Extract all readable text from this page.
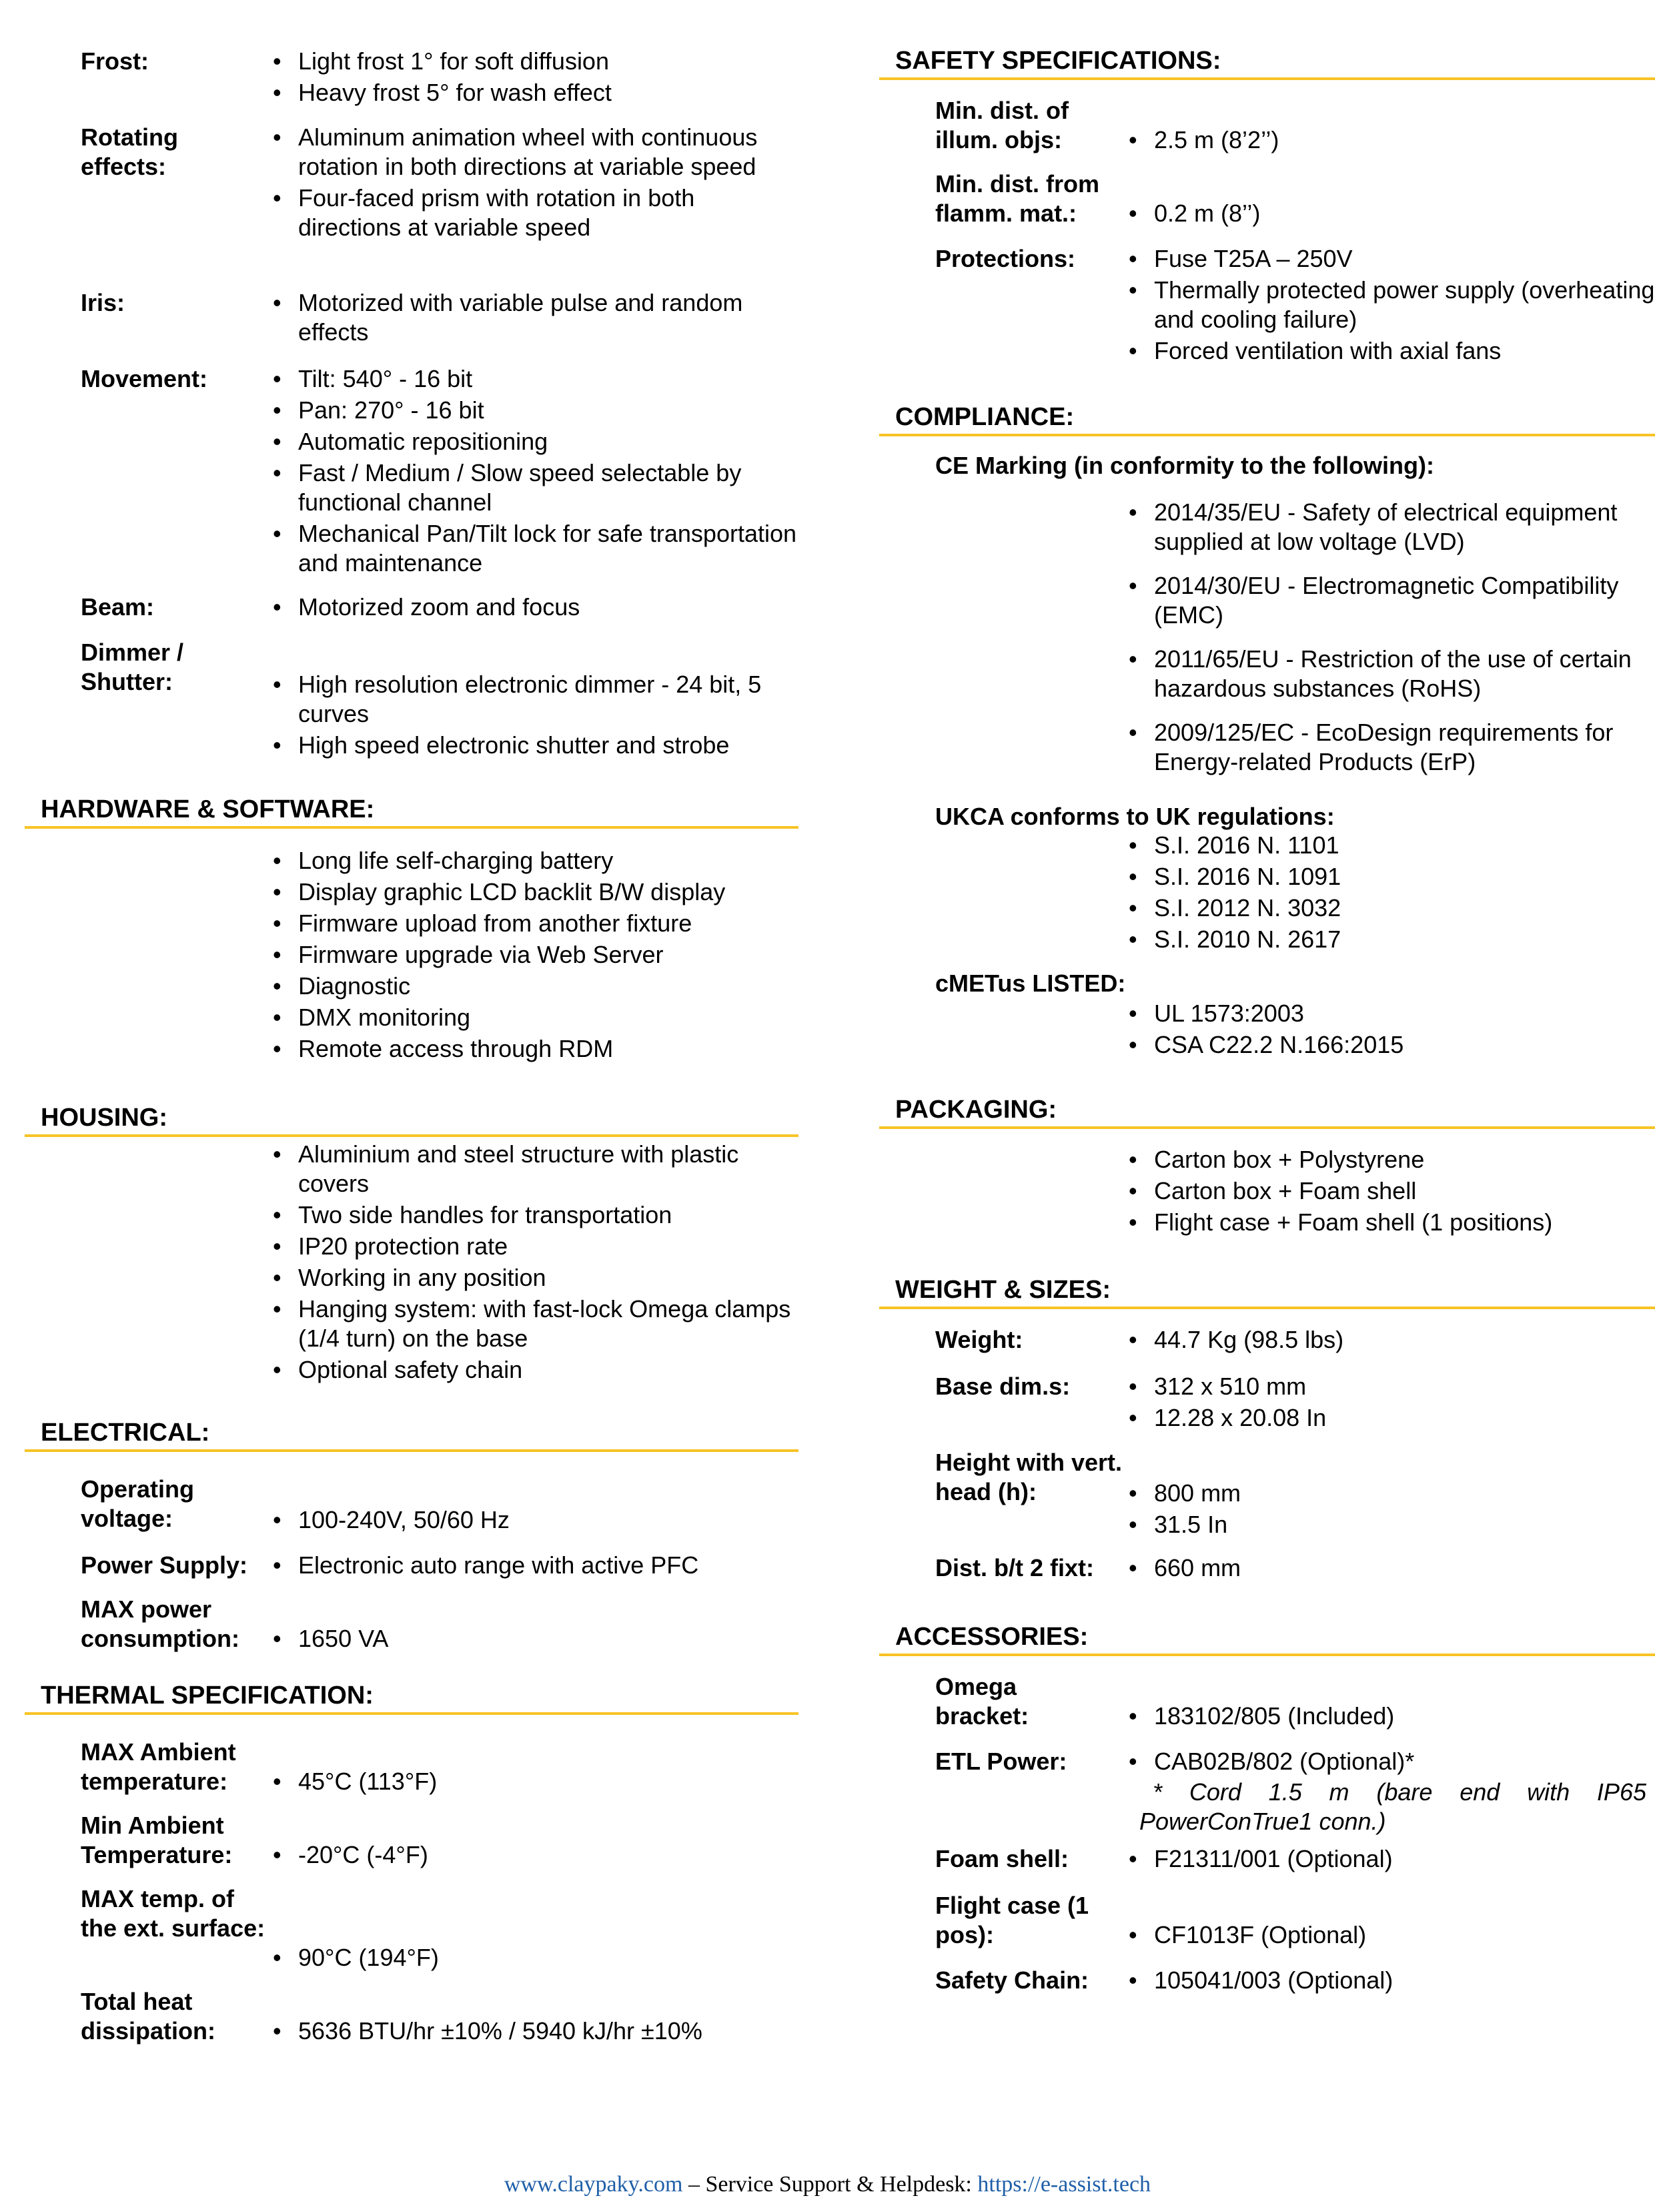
Frost:	• Light frost 1° for soft diffusion
• Heavy frost 5° for wash effect
Rotating effects:
• Aluminum animation wheel with continuous rotation in both directions at variable speed
• Four-faced prism with rotation in both directions at variable speed
Iris:	• Motorized with variable pulse and random effects
Movement:	• Tilt: 540° - 16 bit
• Pan: 270° - 16 bit
• Automatic repositioning
• Fast / Medium / Slow speed selectable by functional channel
• Mechanical Pan/Tilt lock for safe transportation and maintenance
Beam:	• Motorized zoom and focus
Dimmer / Shutter:	• High resolution electronic dimmer - 24 bit, 5 curves
• High speed electronic shutter and strobe
HARDWARE & SOFTWARE:
• Long life self-charging battery
• Display graphic LCD backlit B/W display
• Firmware upload from another fixture
• Firmware upgrade via Web Server
• Diagnostic
• DMX monitoring
• Remote access through RDM
HOUSING:
• Aluminium and steel structure with plastic covers
• Two side handles for transportation
• IP20 protection rate
• Working in any position
• Hanging system: with fast-lock Omega clamps (1/4 turn) on the base
• Optional safety chain
ELECTRICAL:
Operating voltage:	• 100-240V, 50/60 Hz
Power Supply:	• Electronic auto range with active PFC
MAX power consumption:	• 1650 VA
THERMAL SPECIFICATION:
MAX Ambient temperature:	• 45°C (113°F)
Min Ambient Temperature:	• -20°C (-4°F)
MAX temp. of the ext. surface:
• 90°C (194°F)
Total heat dissipation:	• 5636 BTU/hr ±10% / 5940 kJ/hr ±10%
SAFETY SPECIFICATIONS:
Min. dist. of illum. objs:	• 2.5 m (8’2’’)
Min. dist. from flamm. mat.:	• 0.2 m (8’’)
Protections:	• Fuse T25A – 250V
• Thermally protected power supply (overheating and cooling failure)
• Forced ventilation with axial fans
COMPLIANCE:
CE Marking (in conformity to the following):
• 2014/35/EU - Safety of electrical equipment supplied at low voltage (LVD)
• 2014/30/EU - Electromagnetic Compatibility (EMC)
• 2011/65/EU - Restriction of the use of certain hazardous substances (RoHS)
• 2009/125/EC - EcoDesign requirements for Energy-related Products (ErP)
UKCA conforms to UK regulations:
• S.I. 2016 N. 1101
• S.I. 2016 N. 1091
• S.I. 2012 N. 3032
• S.I. 2010 N. 2617
cMETus LISTED:
• UL 1573:2003
• CSA C22.2 N.166:2015
PACKAGING:
• Carton box + Polystyrene
• Carton box + Foam shell
• Flight case + Foam shell (1 positions)
WEIGHT & SIZES:
Weight:	• 44.7 Kg (98.5 lbs)
Base dim.s:	• 312 x 510 mm
• 12.28 x 20.08 In
Height with vert. head (h):	• 800 mm
• 31.5 In
Dist. b/t 2 fixt:	• 660 mm
ACCESSORIES:
Omega bracket:	• 183102/805 (Included)
ETL Power:	• CAB02B/802 (Optional)*
* Cord 1.5 m (bare end with IP65 PowerConTrue1 conn.)
Foam shell:	• F21311/001 (Optional)
Flight case (1 pos):	• CF1013F (Optional)
Safety Chain:	• 105041/003 (Optional)
www.claypaky.com – Service Support & Helpdesk: https://e-assist.tech
